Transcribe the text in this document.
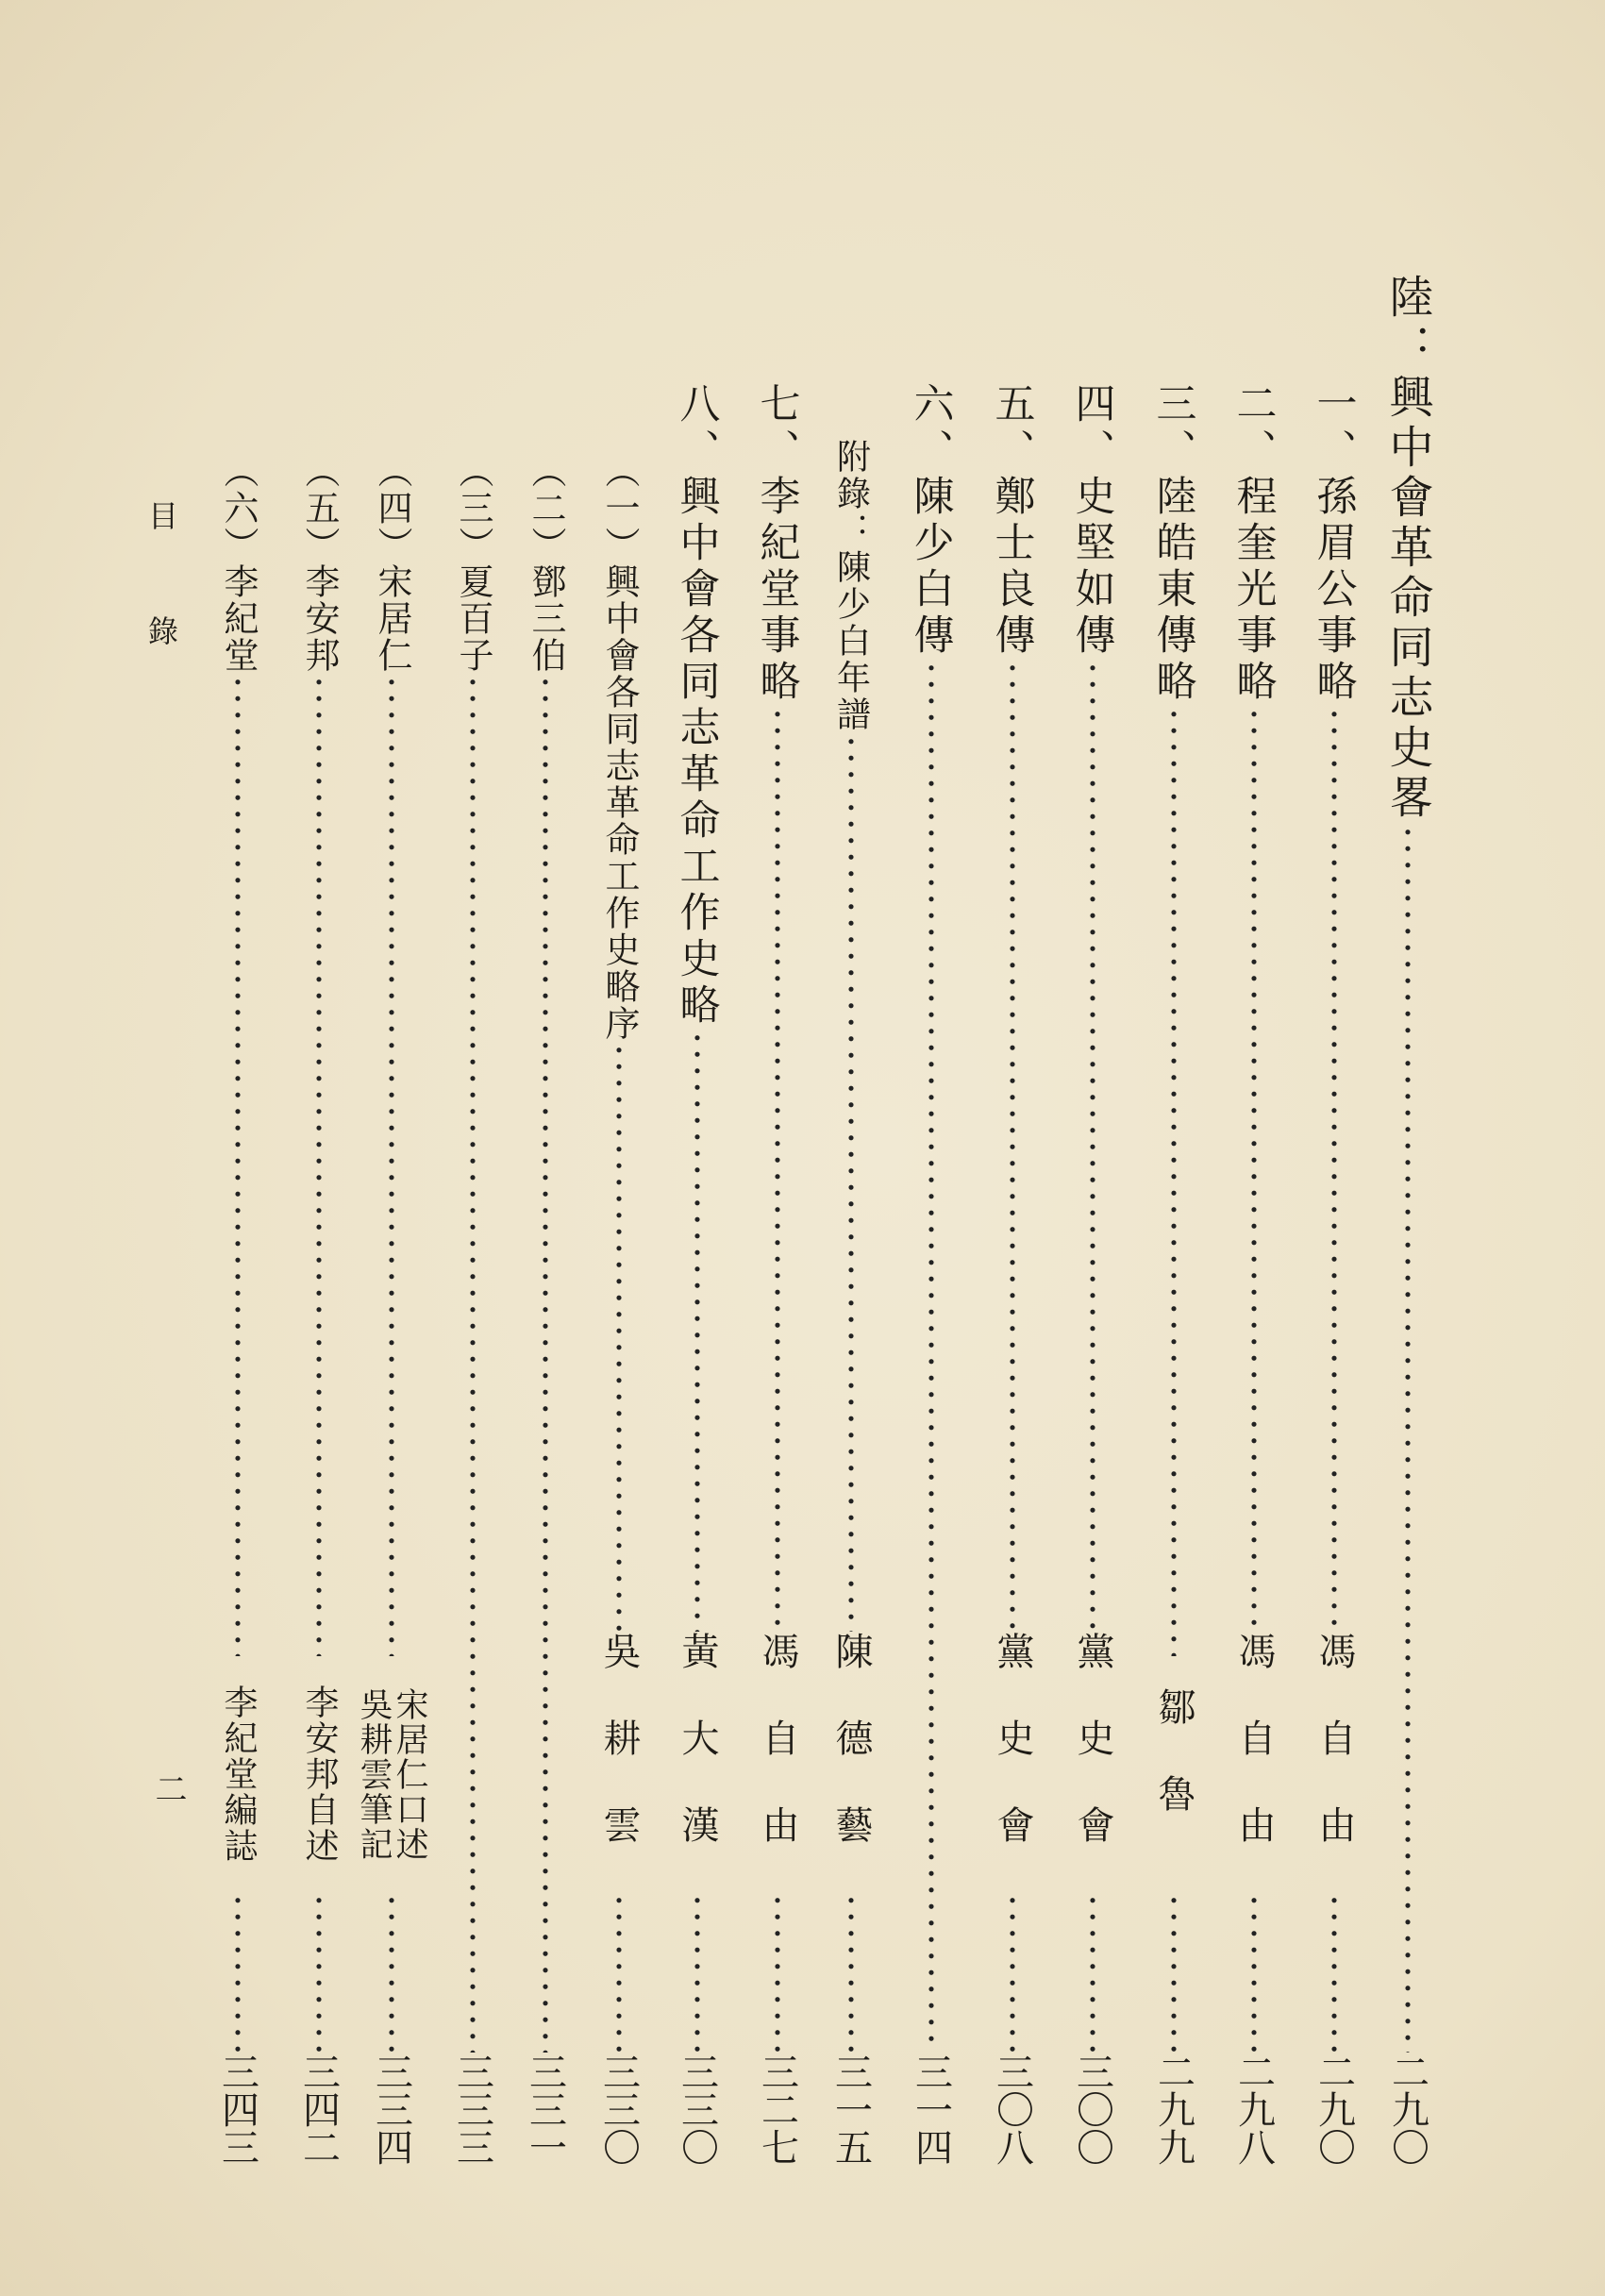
陸：興中會革命同志史畧
二九〇
一、孫眉公事略
馮自由
二九〇
二、程奎光事略
馮自由
二九八
三、陸皓東傳略
鄒魯
二九九
四、史堅如傳
黨史會
三〇〇
五、鄭士良傳
黨史會
三〇八
六、陳少白傳
三一四
附錄：陳少白年譜
陳德藝
三一五
七、李紀堂事略
馮自由
三二七
八、興中會各同志革命工作史略
黃大漢
三三〇
（一）興中會各同志革命工作史略序
吳耕雲
三三〇
（二）鄧三伯
三三一
（三）夏百子
三三三
（四）宋居仁
宋居仁口述
吳耕雲筆記
三三四
（五）李安邦
李安邦自述
三四二
（六）李紀堂
李紀堂編誌
三四三
目錄
二
